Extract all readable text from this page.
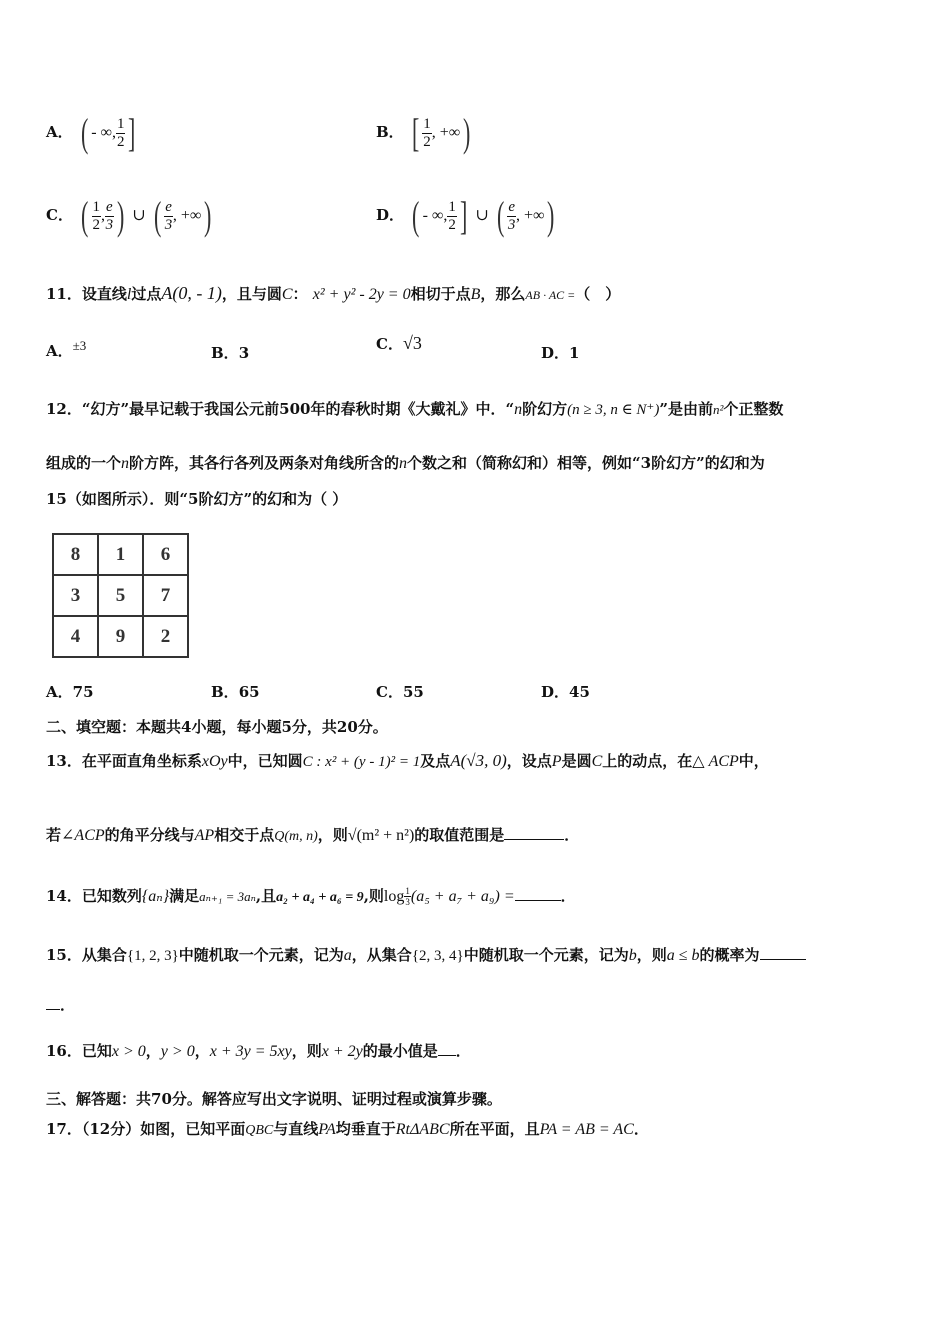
A． ( - ∞, $\frac{1}{2}$ ]	B． [ $\frac{1}{2}$ , +∞)
C． ( $\frac{1}{2}$ , $\frac{e}{3}$ ) ∪ ( $\frac{e}{3}$ , +∞)	D． ( - ∞, $\frac{1}{2}$ ] ∪ ( $\frac{e}{3}$ , +∞)
11．设直线l过点A(0, - 1)，且与圆C： x² + y² - 2y = 0相切于点B，那么AB · AC =（　）
A．±3	B．3	C．√3	D．1
12．“幻方”最早记载于我国公元前500年的春秋时期《大戴礼》中．“n阶幻方(n ≥ 3, n ∈ N⁺)”是由前n²个正整数
组成的一个n阶方阵，其各行各列及两条对角线所含的n个数之和（简称幻和）相等，例如“3阶幻方”的幻和为
15（如图所示）．则“5阶幻方”的幻和为（ ）
8	1	6
3	5	7
4	9	2
A．75	B．65	C．55	D．45
二、填空题：本题共4小题，每小题5分，共20分。
13．在平面直角坐标系xOy中，已知圆C : x² + (y - 1)² = 1及点A(√3, 0)，设点P是圆C上的动点，在△ ACP中，
若∠ACP的角平分线与AP相交于点Q(m, n)，则√(m² + n²)的取值范围是	．
14．已知数列{aₙ}满足aₙ₊₁ = 3aₙ,且a₂ + a₄ + a₆ = 9,则$\log \frac{1}{3} (a_5 + a_7 + a_9)$ =	．
15．从集合{1, 2, 3}中随机取一个元素，记为a，从集合{2, 3, 4}中随机取一个元素，记为b，则a ≤ b的概率为
．
16．已知x > 0，y > 0，x + 3y = 5xy，则x + 2y的最小值是 ．
三、解答题：共70分。解答应写出文字说明、证明过程或演算步骤。
17．（12分）如图，已知平面QBC与直线PA均垂直于RtΔABC所在平面，且PA = AB = AC．
